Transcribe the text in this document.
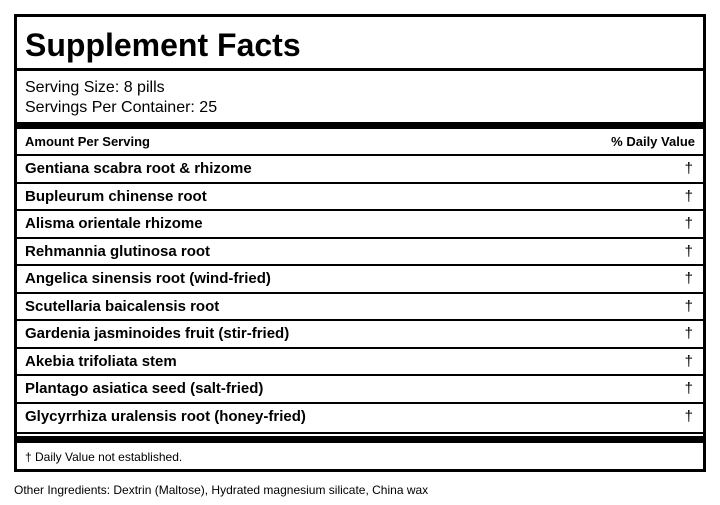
Supplement Facts
Serving Size: 8 pills
Servings Per Container: 25
Amount Per Serving	% Daily Value
Gentiana scabra root & rhizome	†
Bupleurum chinense root	†
Alisma orientale rhizome	†
Rehmannia glutinosa root	†
Angelica sinensis root (wind-fried)	†
Scutellaria baicalensis root	†
Gardenia jasminoides fruit (stir-fried)	†
Akebia trifoliata stem	†
Plantago asiatica seed (salt-fried)	†
Glycyrrhiza uralensis root (honey-fried)	†
† Daily Value not established.
Other Ingredients: Dextrin (Maltose), Hydrated magnesium silicate, China wax
